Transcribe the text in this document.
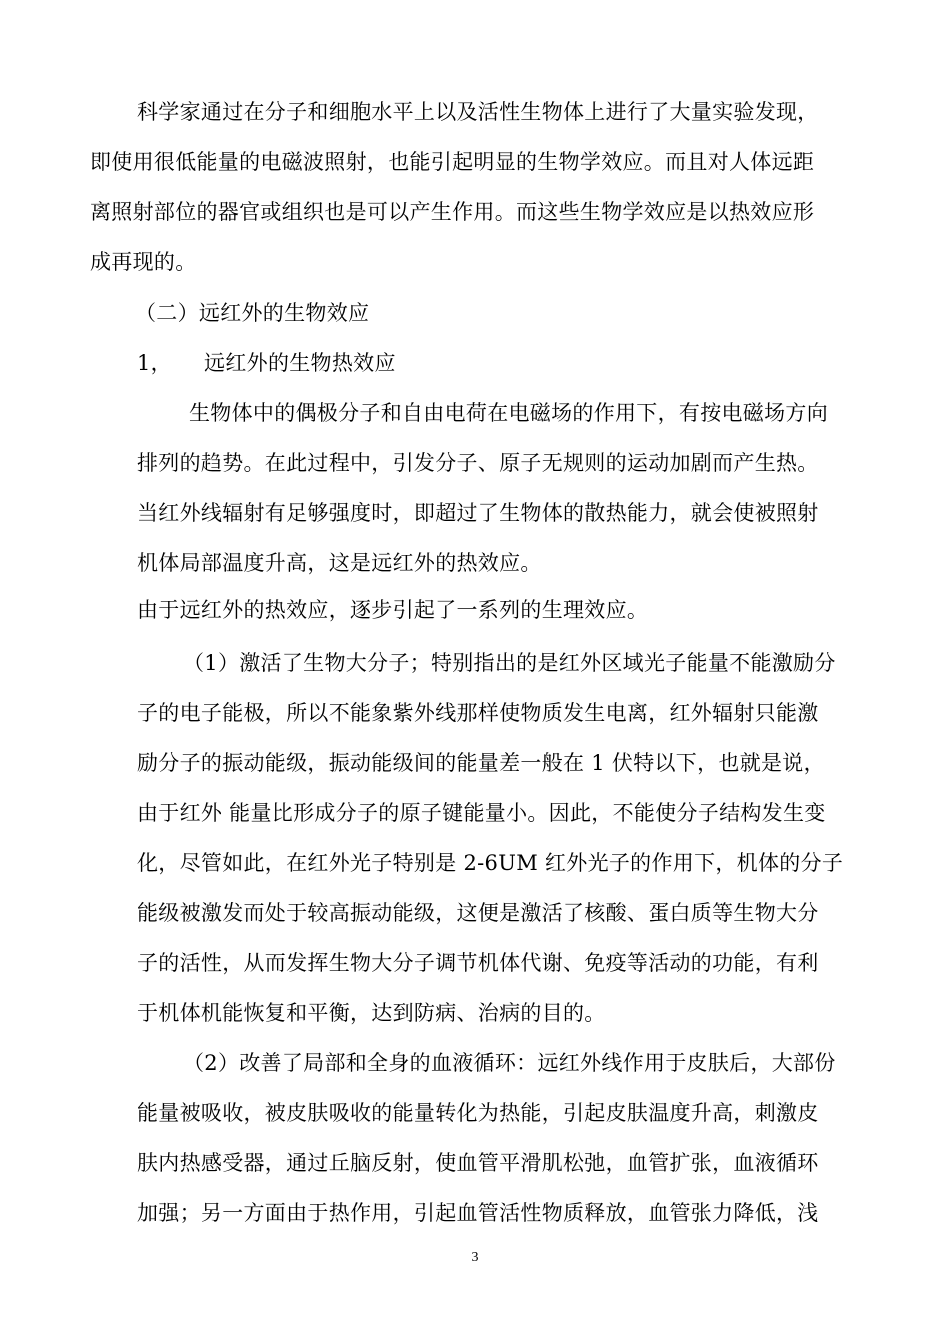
科学家通过在分子和细胞水平上以及活性生物体上进行了大量实验发现，
即使用很低能量的电磁波照射，也能引起明显的生物学效应。而且对人体远距
离照射部位的器官或组织也是可以产生作用。而这些生物学效应是以热效应形
成再现的。
（二）远红外的生物效应
1，　　远红外的生物热效应
生物体中的偶极分子和自由电荷在电磁场的作用下，有按电磁场方向
排列的趋势。在此过程中，引发分子、原子无规则的运动加剧而产生热。
当红外线辐射有足够强度时，即超过了生物体的散热能力，就会使被照射
机体局部温度升高，这是远红外的热效应。
由于远红外的热效应，逐步引起了一系列的生理效应。
（1）激活了生物大分子；特别指出的是红外区域光子能量不能激励分
子的电子能极，所以不能象紫外线那样使物质发生电离，红外辐射只能激
励分子的振动能级，振动能级间的能量差一般在 1 伏特以下，也就是说，
由于红外 能量比形成分子的原子键能量小。因此，不能使分子结构发生变
化，尽管如此，在红外光子特别是 2-6UM 红外光子的作用下，机体的分子
能级被激发而处于较高振动能级，这便是激活了核酸、蛋白质等生物大分
子的活性，从而发挥生物大分子调节机体代谢、免疫等活动的功能，有利
于机体机能恢复和平衡，达到防病、治病的目的。
（2）改善了局部和全身的血液循环：远红外线作用于皮肤后，大部份
能量被吸收，被皮肤吸收的能量转化为热能，引起皮肤温度升高，刺激皮
肤内热感受器，通过丘脑反射，使血管平滑肌松弛，血管扩张，血液循环
加强；另一方面由于热作用，引起血管活性物质释放，血管张力降低，浅
3
